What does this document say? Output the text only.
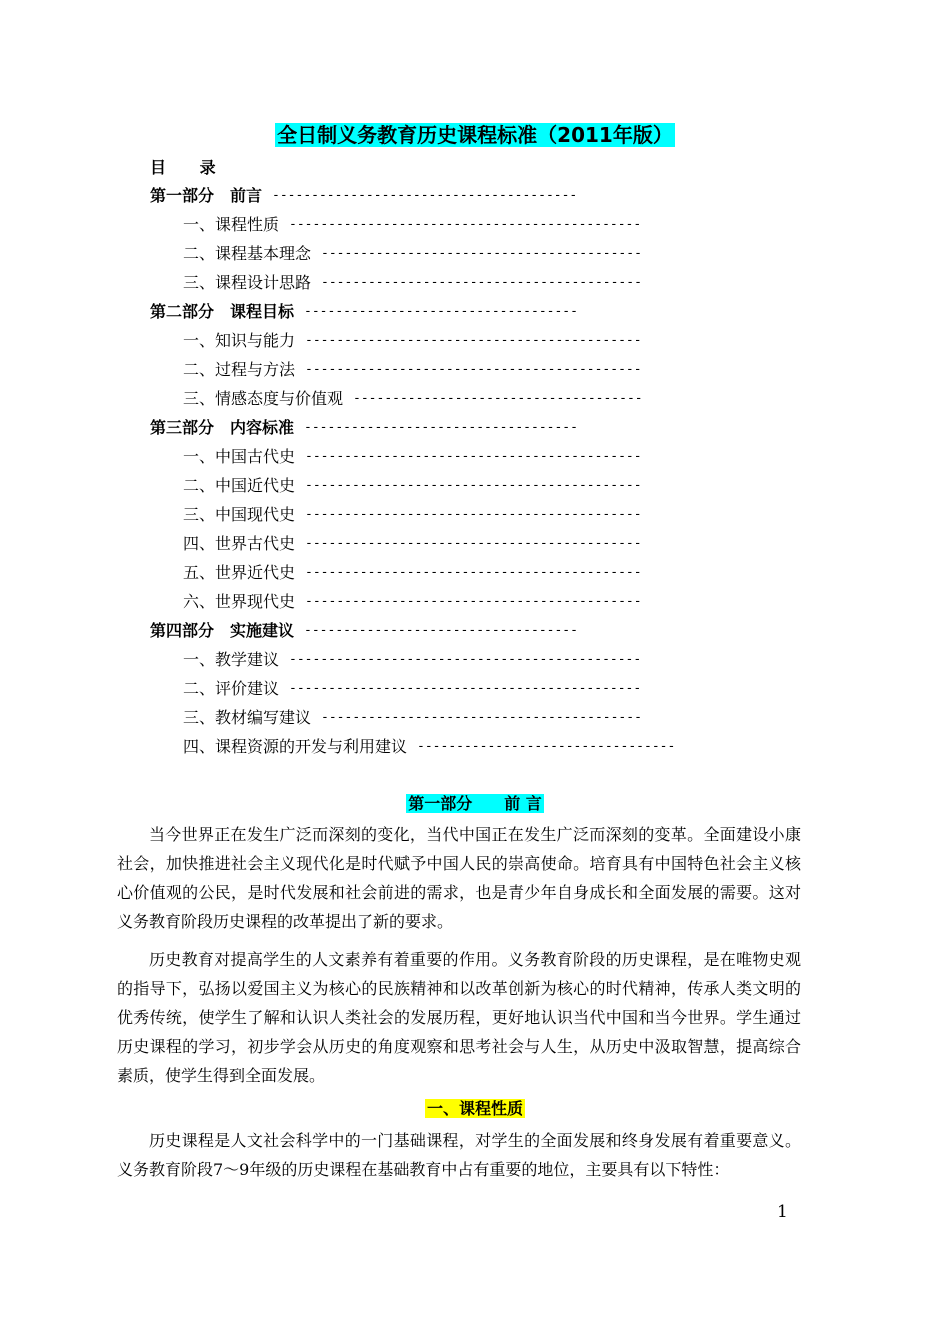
全日制义务教育历史课程标准（2011年版）
目 录
第一部分　前言 ---------------------------------------
一、课程性质 ---------------------------------------------
二、课程基本理念 -----------------------------------------
三、课程设计思路 -----------------------------------------
第二部分　课程目标 -----------------------------------
一、知识与能力 -------------------------------------------
二、过程与方法 -------------------------------------------
三、情感态度与价值观 -------------------------------------
第三部分　内容标准 -----------------------------------
一、中国古代史 -------------------------------------------
二、中国近代史 -------------------------------------------
三、中国现代史 -------------------------------------------
四、世界古代史 -------------------------------------------
五、世界近代史 -------------------------------------------
六、世界现代史 -------------------------------------------
第四部分　实施建议 -----------------------------------
一、教学建议 ---------------------------------------------
二、评价建议 ---------------------------------------------
三、教材编写建议 -----------------------------------------
四、课程资源的开发与利用建议 ---------------------------------
第一部分　　前 言

当今世界正在发生广泛而深刻的变化，当代中国正在发生广泛而深刻的变革。全面建设小康社会，加快推进社会主义现代化是时代赋予中国人民的崇高使命。培育具有中国特色社会主义核心价值观的公民，是时代发展和社会前进的需求，也是青少年自身成长和全面发展的需要。这对义务教育阶段历史课程的改革提出了新的要求。

历史教育对提高学生的人文素养有着重要的作用。义务教育阶段的历史课程，是在唯物史观的指导下，弘扬以爱国主义为核心的民族精神和以改革创新为核心的时代精神，传承人类文明的优秀传统，使学生了解和认识人类社会的发展历程，更好地认识当代中国和当今世界。学生通过历史课程的学习，初步学会从历史的角度观察和思考社会与人生，从历史中汲取智慧，提高综合素质，使学生得到全面发展。

一、课程性质

历史课程是人文社会科学中的一门基础课程，对学生的全面发展和终身发展有着重要意义。义务教育阶段7～9年级的历史课程在基础教育中占有重要的地位，主要具有以下特性：

1
